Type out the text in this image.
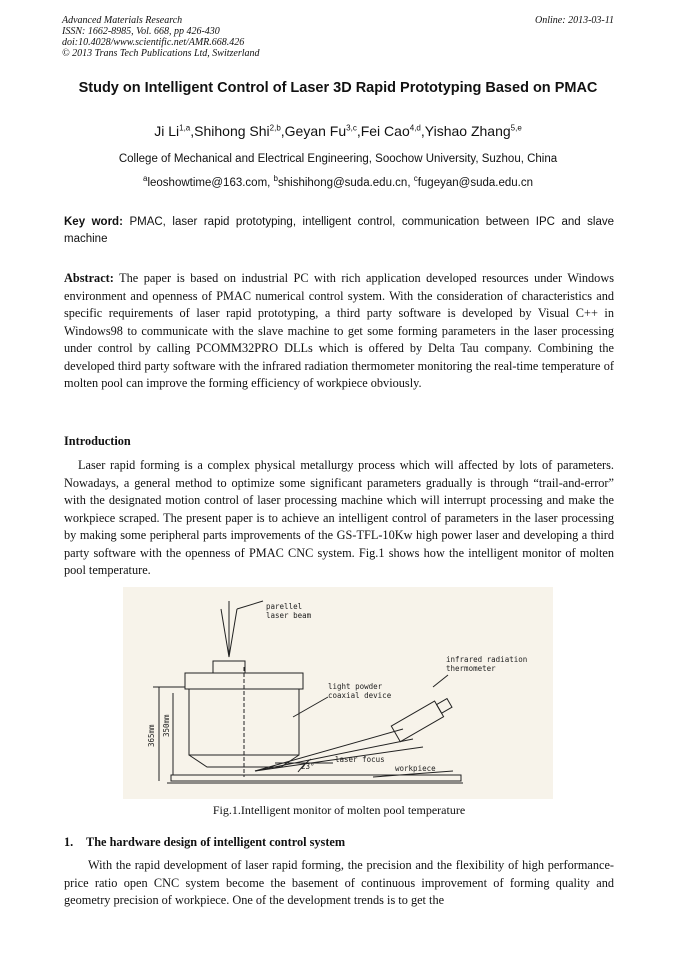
Advanced Materials Research
ISSN: 1662-8985, Vol. 668, pp 426-430
doi:10.4028/www.scientific.net/AMR.668.426
© 2013 Trans Tech Publications Ltd, Switzerland
Online: 2013-03-11
Study on Intelligent Control of Laser 3D Rapid Prototyping Based on PMAC
Ji Li$^{1,a}$,Shihong Shi$^{2,b}$,Geyan Fu$^{3,c}$,Fei Cao$^{4,d}$,Yishao Zhang$^{5,e}$
College of Mechanical and Electrical Engineering, Soochow University, Suzhou, China
$^a$leoshowtime@163.com, $^b$shishihong@suda.edu.cn, $^c$fugeyan@suda.edu.cn
Key word: PMAC, laser rapid prototyping, intelligent control, communication between IPC and slave machine
Abstract: The paper is based on industrial PC with rich application developed resources under Windows environment and openness of PMAC numerical control system. With the consideration of characteristics and specific requirements of laser rapid prototyping, a third party software is developed by Visual C++ in Windows98 to communicate with the slave machine to get some forming parameters in the laser processing under control by calling PCOMM32PRO DLLs which is offered by Delta Tau company. Combining the developed third party software with the infrared radiation thermometer monitoring the real-time temperature of molten pool can improve the forming efficiency of workpiece obviously.
Introduction
Laser rapid forming is a complex physical metallurgy process which will affected by lots of parameters. Nowadays, a general method to optimize some significant parameters gradually is through “trail-and-error” with the designated motion control of laser processing machine which will interrupt processing and make the workpiece scraped. The present paper is to achieve an intelligent control of parameters in the laser processing by making some peripheral parts improvements of the GS-TFL-10Kw high power laser and developing a third party software with the openness of PMAC CNC system. Fig.1 shows how the intelligent monitor of molten pool temperature.
parellel
laser beam
infrared radiation
thermometer
light powder
coaxial device
365mm 350mm
23°
laser focus
workpiece
Fig.1.Intelligent monitor of molten pool temperature
1. The hardware design of intelligent control system
With the rapid development of laser rapid forming, the precision and the flexibility of high performance-price ratio open CNC system become the basement of continuous improvement of forming quality and geometry precision of workpiece. One of the development trends is to get the
